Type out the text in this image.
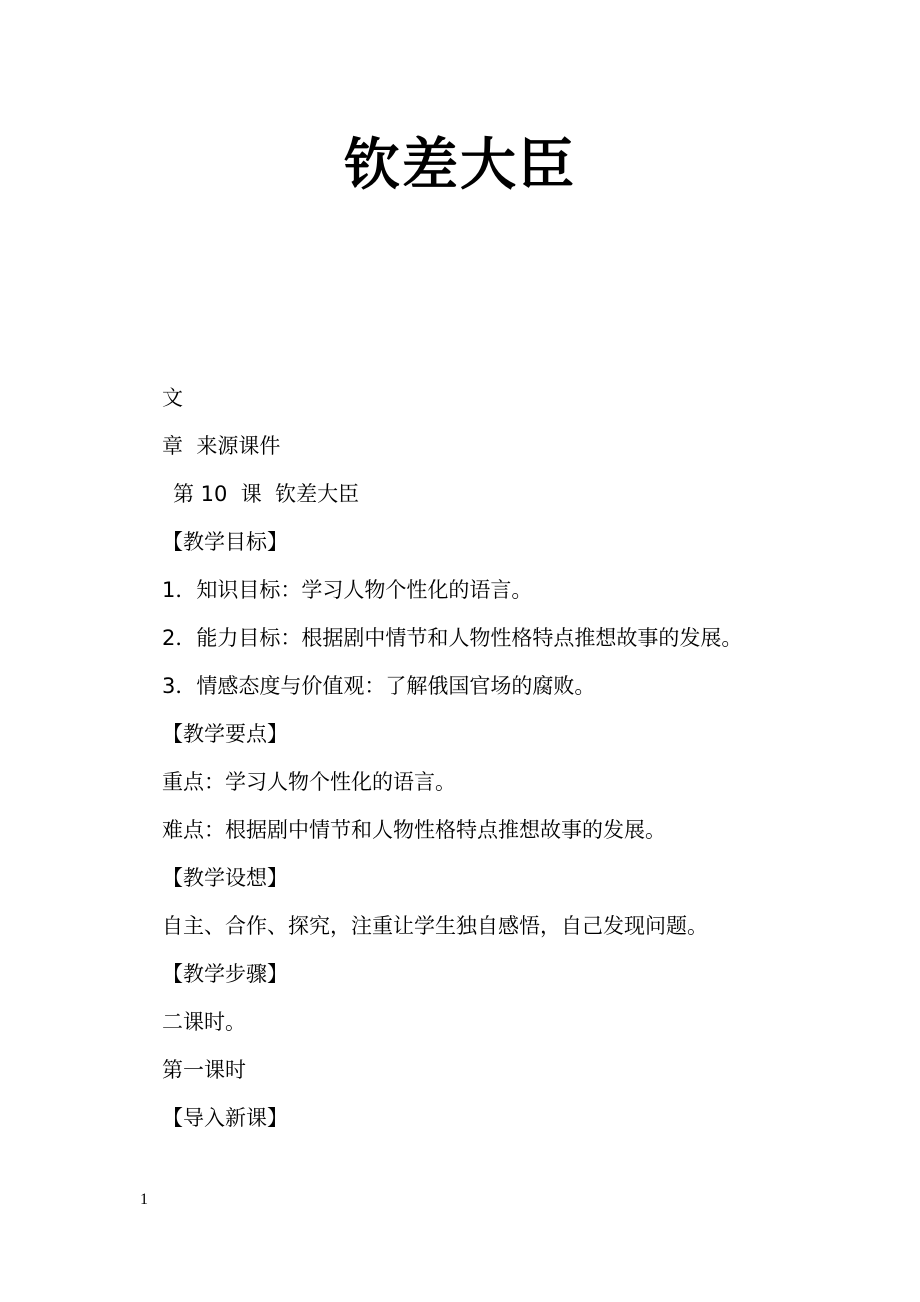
钦差大臣
文
章  来源课件
第 10  课  钦差大臣
【教学目标】
1．知识目标：学习人物个性化的语言。
2．能力目标：根据剧中情节和人物性格特点推想故事的发展。
3．情感态度与价值观：了解俄国官场的腐败。
【教学要点】
重点：学习人物个性化的语言。
难点：根据剧中情节和人物性格特点推想故事的发展。
【教学设想】
自主、合作、探究，注重让学生独自感悟，自己发现问题。
【教学步骤】
二课时。
第一课时
【导入新课】
1
